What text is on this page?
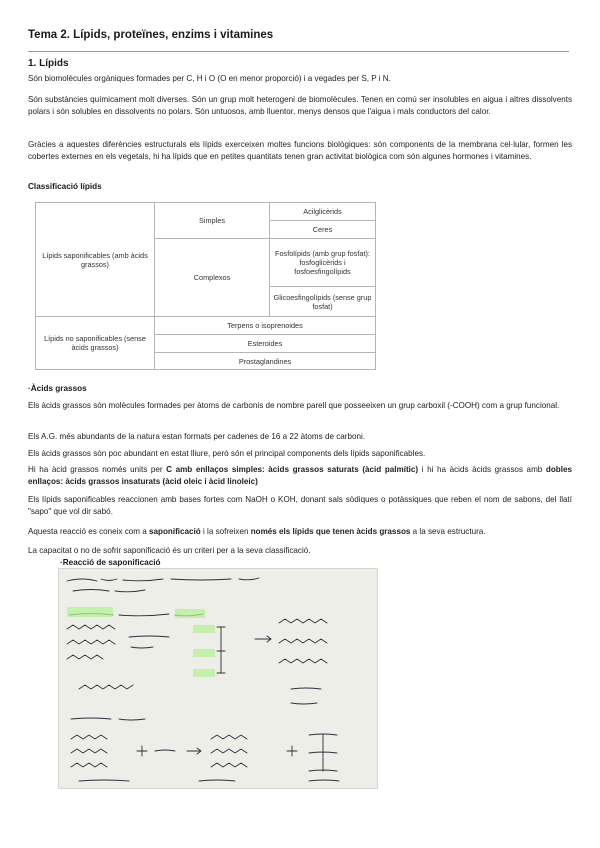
Tema 2. Lípids, proteïnes, enzims i vitamines
1. Lípids
Són biomolècules orgàniques formades per C, H i O (O en menor proporció) i a vegades per S, P i N.
Són substàncies químicament molt diverses. Són un grup molt heterogeni de biomolècules. Tenen en comú ser insolubles en aigua i altres dissolvents polars i són solubles en dissolvents no polars. Són untuosos, amb lluentor, menys densos que l'aigua i mals conductors del calor.
Gràcies a aquestes diferències estructurals els lípids exerceixen moltes funcions biològiques: són components de la membrana cel·lular, formen les cobertes externes en els vegetals, hi ha lípids que en petites quantitats tenen gran activitat biològica com són algunes hormones i vitamines.
Classificació lípids
Lípids saponificables (amb àcids grassos)	Simples	Acilglicèrids
		Ceres
	Complexos	Fosfolípids (amb grup fosfat): fosfoglicèrids i fosfoesfingolípids
		Glicoesfingolípids (sense grup fosfat)

Lípids no saponificables (sense àcids grassos)	Terpens o isoprenoides	
	Esteroides	
	Prostaglandines	
·Àcids grassos
Els àcids grassos són molècules formades per àtoms de carbonis de nombre parell que posseeixen un grup carboxil (-COOH) com a grup funcional.
Els A.G. més abundants de la natura estan formats per cadenes de 16 a 22 àtoms de carboni.
Els àcids grassos són poc abundant en estat lliure, però són el principal components dels lípids saponificables.
Hi ha àcid grassos només units per C amb enllaços simples: àcids grassos saturats (àcid palmític) i hi ha àcids àcids grassos amb dobles enllaços: àcids grassos insaturats (àcid oleic i àcid linoleic)
Els lípids saponificables reaccionen amb bases fortes com NaOH o KOH, donant sals sòdiques o potàssiques que reben el nom de sabons, del llatí "sapo" que vol dir sabó.
Aquesta reacció es coneix com a saponificació i la sofreixen només els lípids que tenen àcids grassos a la seva estructura.
La capacitat o no de sofrir saponificació és un criteri per a la seva classificació.
·Reacció de saponificació
